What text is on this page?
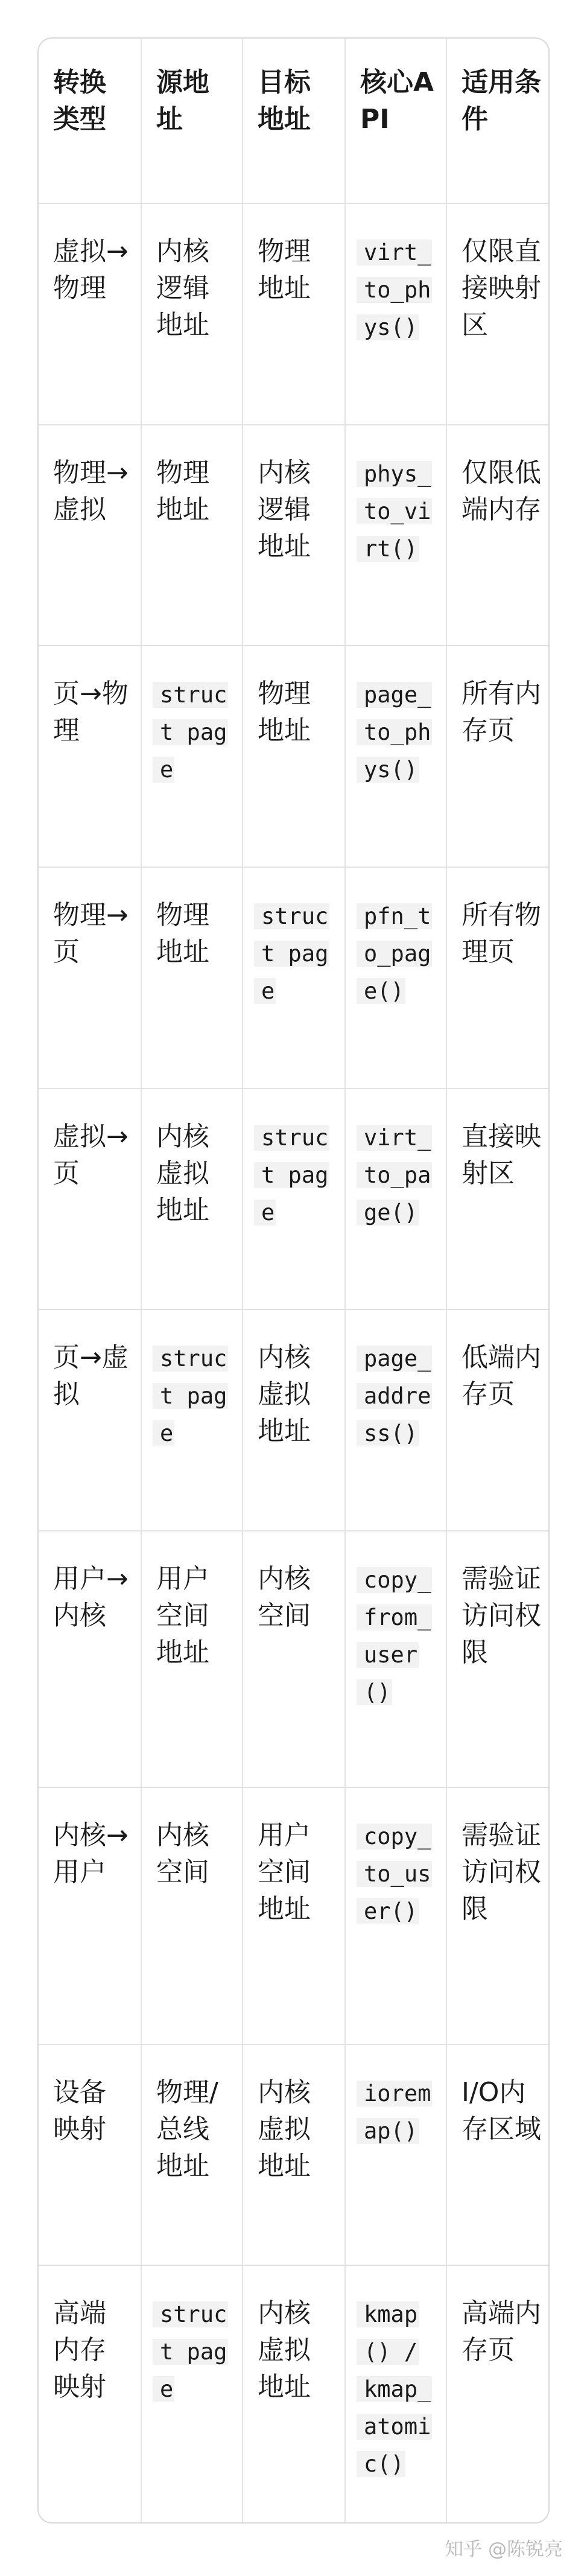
转换类型	源地址	目标地址	核心API	适用条件
虚拟→物理	内核逻辑地址	物理地址	virt_to_phys()	仅限直接映射区
物理→虚拟	物理地址	内核逻辑地址	phys_to_virt()	仅限低端内存
页→物理	struct page	物理地址	page_to_phys()	所有内存页
物理→页	物理地址	struct page	pfn_to_page()	所有物理页
虚拟→页	内核虚拟地址	struct page	virt_to_page()	直接映射区
页→虚拟	struct page	内核虚拟地址	page_address()	低端内存页
用户→内核	用户空间地址	内核空间	copy_from_user()	需验证访问权限
内核→用户	内核空间	用户空间地址	copy_to_user()	需验证访问权限
设备映射	物理/总线地址	内核虚拟地址	ioremap()	I/O内存区域
高端内存映射	struct page	内核虚拟地址	kmap() / kmap_atomic()	高端内存页
知乎 @陈锐亮
